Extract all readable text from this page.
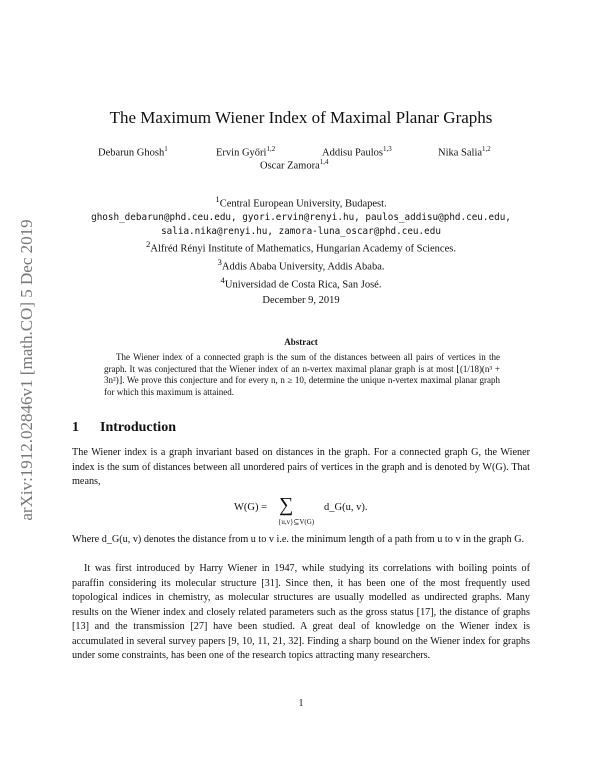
arXiv:1912.02846v1 [math.CO] 5 Dec 2019
The Maximum Wiener Index of Maximal Planar Graphs
Debarun Ghosh$^1$	Ervin Győri$^{1,2}$	Addisu Paulos$^{1,3}$	Nika Salia$^{1,2}$
Oscar Zamora$^{1,4}$
$^1$Central European University, Budapest.
ghosh_debarun@phd.ceu.edu, gyori.ervin@renyi.hu, paulos_addisu@phd.ceu.edu,
salia.nika@renyi.hu, zamora-luna_oscar@phd.ceu.edu
$^2$Alfréd Rényi Institute of Mathematics, Hungarian Academy of Sciences.
$^3$Addis Ababa University, Addis Ababa.
$^4$Universidad de Costa Rica, San José.
December 9, 2019
Abstract

The Wiener index of a connected graph is the sum of the distances between all pairs of vertices in the graph. It was conjectured that the Wiener index of an n-vertex maximal planar graph is at most ⌊(1/18)(n³ + 3n²)⌋. We prove this conjecture and for every n, n ≥ 10, determine the unique n-vertex maximal planar graph for which this maximum is attained.

1 Introduction
The Wiener index is a graph invariant based on distances in the graph. For a connected graph G, the Wiener index is the sum of distances between all unordered pairs of vertices in the graph and is denoted by W(G). That means,
W(G) = ∑
{u,v}⊆V(G)
d_G(u, v).
Where d_G(u, v) denotes the distance from u to v i.e. the minimum length of a path from u to v in the graph G.
It was first introduced by Harry Wiener in 1947, while studying its correlations with boiling points of paraffin considering its molecular structure [31]. Since then, it has been one of the most frequently used topological indices in chemistry, as molecular structures are usually modelled as undirected graphs. Many results on the Wiener index and closely related parameters such as the gross status [17], the distance of graphs [13] and the transmission [27] have been studied. A great deal of knowledge on the Wiener index is accumulated in several survey papers [9, 10, 11, 21, 32]. Finding a sharp bound on the Wiener index for graphs under some constraints, has been one of the research topics attracting many researchers.
1
